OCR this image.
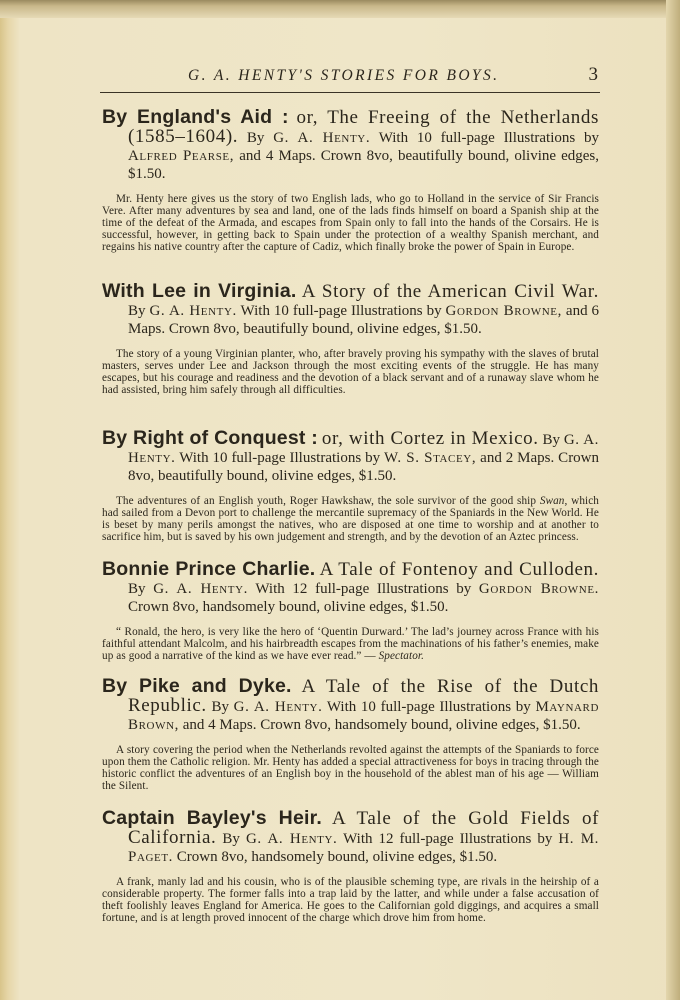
G. A. HENTY'S STORIES FOR BOYS.	3
By England's Aid : or, The Freeing of the Netherlands (1585–1604). By G. A. Henty. With 10 full-page Illustrations by Alfred Pearse, and 4 Maps. Crown 8vo, beautifully bound, olivine edges, $1.50.
Mr. Henty here gives us the story of two English lads, who go to Holland in the service of Sir Francis Vere. After many adventures by sea and land, one of the lads finds himself on board a Spanish ship at the time of the defeat of the Armada, and escapes from Spain only to fall into the hands of the Corsairs. He is successful, however, in getting back to Spain under the protection of a wealthy Spanish merchant, and regains his native country after the capture of Cadiz, which finally broke the power of Spain in Europe.
With Lee in Virginia. A Story of the American Civil War. By G. A. Henty. With 10 full-page Illustrations by Gordon Browne, and 6 Maps. Crown 8vo, beautifully bound, olivine edges, $1.50.
The story of a young Virginian planter, who, after bravely proving his sympathy with the slaves of brutal masters, serves under Lee and Jackson through the most exciting events of the struggle. He has many escapes, but his courage and readiness and the devotion of a black servant and of a runaway slave whom he had assisted, bring him safely through all difficulties.
By Right of Conquest : or, with Cortez in Mexico. By G. A. Henty. With 10 full-page Illustrations by W. S. Stacey, and 2 Maps. Crown 8vo, beautifully bound, olivine edges, $1.50.
The adventures of an English youth, Roger Hawkshaw, the sole survivor of the good ship Swan, which had sailed from a Devon port to challenge the mercantile supremacy of the Spaniards in the New World. He is beset by many perils amongst the natives, who are disposed at one time to worship and at another to sacrifice him, but is saved by his own judgement and strength, and by the devotion of an Aztec princess.
Bonnie Prince Charlie. A Tale of Fontenoy and Culloden. By G. A. Henty. With 12 full-page Illustrations by Gordon Browne. Crown 8vo, handsomely bound, olivine edges, $1.50.
“ Ronald, the hero, is very like the hero of ‘Quentin Durward.’ The lad’s journey across France with his faithful attendant Malcolm, and his hairbreadth escapes from the machinations of his father’s enemies, make up as good a narrative of the kind as we have ever read.” — Spectator.
By Pike and Dyke. A Tale of the Rise of the Dutch Republic. By G. A. Henty. With 10 full-page Illustrations by Maynard Brown, and 4 Maps. Crown 8vo, handsomely bound, olivine edges, $1.50.
A story covering the period when the Netherlands revolted against the attempts of the Spaniards to force upon them the Catholic religion. Mr. Henty has added a special attractiveness for boys in tracing through the historic conflict the adventures of an English boy in the household of the ablest man of his age — William the Silent.
Captain Bayley's Heir. A Tale of the Gold Fields of California. By G. A. Henty. With 12 full-page Illustrations by H. M. Paget. Crown 8vo, handsomely bound, olivine edges, $1.50.
A frank, manly lad and his cousin, who is of the plausible scheming type, are rivals in the heirship of a considerable property. The former falls into a trap laid by the latter, and while under a false accusation of theft foolishly leaves England for America. He goes to the Californian gold diggings, and acquires a small fortune, and is at length proved innocent of the charge which drove him from home.
